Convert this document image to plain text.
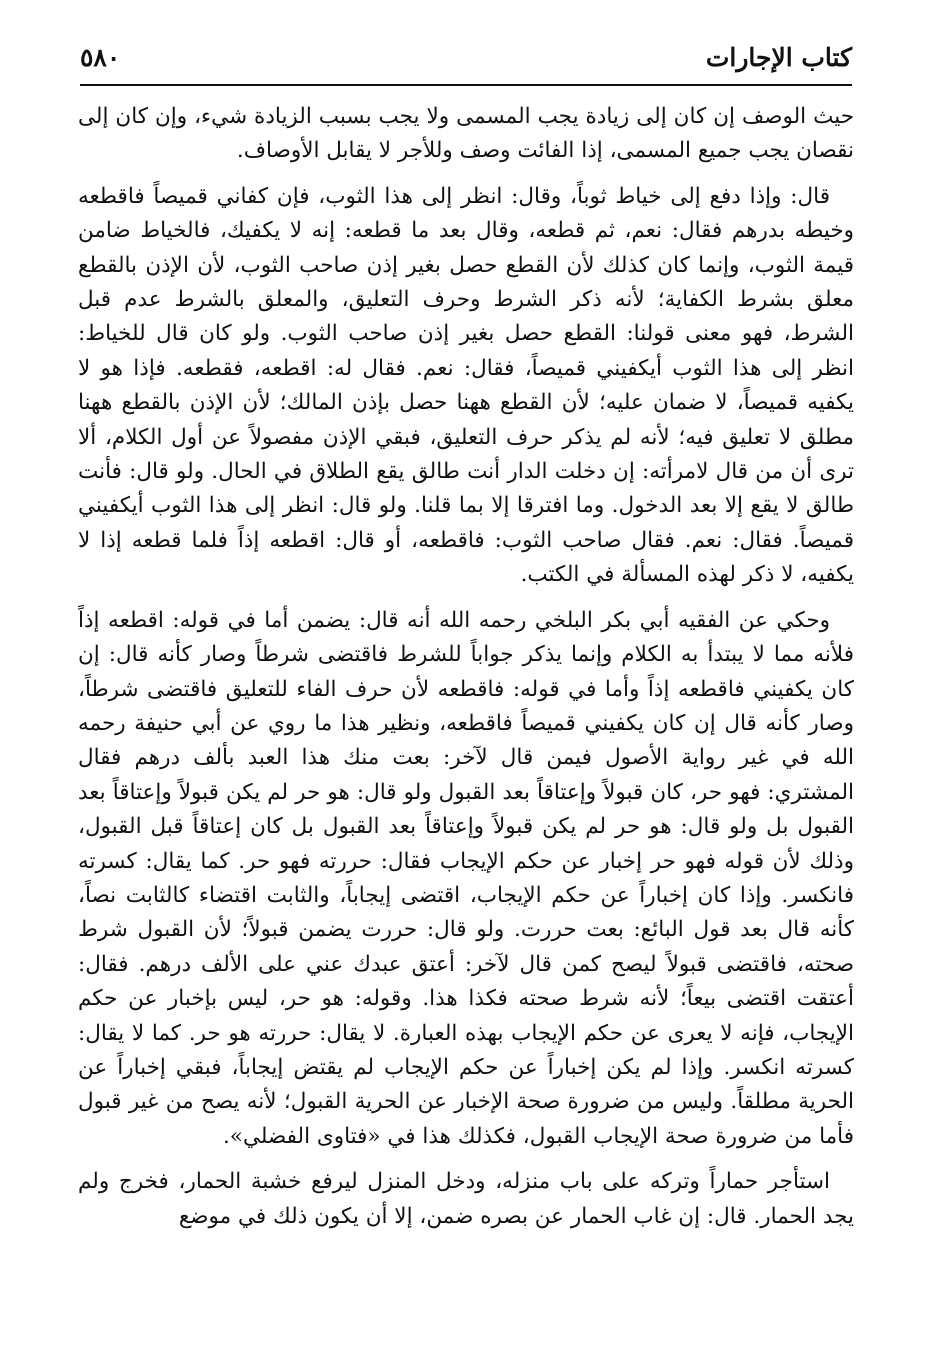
كتاب الإجارات
٥٨٠

حيث الوصف إن كان إلى زيادة يجب المسمى ولا يجب بسبب الزيادة شيء، وإن كان إلى نقصان يجب جميع المسمى، إذا الفائت وصف وللأجر لا يقابل الأوصاف.

قال: وإذا دفع إلى خياط ثوباً، وقال: انظر إلى هذا الثوب، فإن كفاني قميصاً فاقطعه وخيطه بدرهم فقال: نعم، ثم قطعه، وقال بعد ما قطعه: إنه لا يكفيك، فالخياط ضامن قيمة الثوب، وإنما كان كذلك لأن القطع حصل بغير إذن صاحب الثوب، لأن الإذن بالقطع معلق بشرط الكفاية؛ لأنه ذكر الشرط وحرف التعليق، والمعلق بالشرط عدم قبل الشرط، فهو معنى قولنا: القطع حصل بغير إذن صاحب الثوب. ولو كان قال للخياط: انظر إلى هذا الثوب أيكفيني قميصاً، فقال: نعم. فقال له: اقطعه، فقطعه. فإذا هو لا يكفيه قميصاً، لا ضمان عليه؛ لأن القطع ههنا حصل بإذن المالك؛ لأن الإذن بالقطع ههنا مطلق لا تعليق فيه؛ لأنه لم يذكر حرف التعليق، فبقي الإذن مفصولاً عن أول الكلام، ألا ترى أن من قال لامرأته: إن دخلت الدار أنت طالق يقع الطلاق في الحال. ولو قال: فأنت طالق لا يقع إلا بعد الدخول. وما افترقا إلا بما قلنا. ولو قال: انظر إلى هذا الثوب أيكفيني قميصاً. فقال: نعم. فقال صاحب الثوب: فاقطعه، أو قال: اقطعه إذاً فلما قطعه إذا لا يكفيه، لا ذكر لهذه المسألة في الكتب.

وحكي عن الفقيه أبي بكر البلخي رحمه الله أنه قال: يضمن أما في قوله: اقطعه إذاً فلأنه مما لا يبتدأ به الكلام وإنما يذكر جواباً للشرط فاقتضى شرطاً وصار كأنه قال: إن كان يكفيني فاقطعه إذاً وأما في قوله: فاقطعه لأن حرف الفاء للتعليق فاقتضى شرطاً، وصار كأنه قال إن كان يكفيني قميصاً فاقطعه، ونظير هذا ما روي عن أبي حنيفة رحمه الله في غير رواية الأصول فيمن قال لآخر: بعت منك هذا العبد بألف درهم فقال المشتري: فهو حر، كان قبولاً وإعتاقاً بعد القبول ولو قال: هو حر لم يكن قبولاً وإعتاقاً بعد القبول بل ولو قال: هو حر لم يكن قبولاً وإعتاقاً بعد القبول بل كان إعتاقاً قبل القبول، وذلك لأن قوله فهو حر إخبار عن حكم الإيجاب فقال: حررته فهو حر. كما يقال: كسرته فانكسر. وإذا كان إخباراً عن حكم الإيجاب، اقتضى إيجاباً، والثابت اقتضاء كالثابت نصاً، كأنه قال بعد قول البائع: بعت حررت. ولو قال: حررت يضمن قبولاً؛ لأن القبول شرط صحته، فاقتضى قبولاً ليصح كمن قال لآخر: أعتق عبدك عني على الألف درهم. فقال: أعتقت اقتضى بيعاً؛ لأنه شرط صحته فكذا هذا. وقوله: هو حر، ليس بإخبار عن حكم الإيجاب، فإنه لا يعرى عن حكم الإيجاب بهذه العبارة. لا يقال: حررته هو حر. كما لا يقال: كسرته انكسر. وإذا لم يكن إخباراً عن حكم الإيجاب لم يقتض إيجاباً، فبقي إخباراً عن الحرية مطلقاً. وليس من ضرورة صحة الإخبار عن الحرية القبول؛ لأنه يصح من غير قبول فأما من ضرورة صحة الإيجاب القبول، فكذلك هذا في «فتاوى الفضلي».

استأجر حماراً وتركه على باب منزله، ودخل المنزل ليرفع خشبة الحمار، فخرج ولم يجد الحمار. قال: إن غاب الحمار عن بصره ضمن، إلا أن يكون ذلك في موضع
